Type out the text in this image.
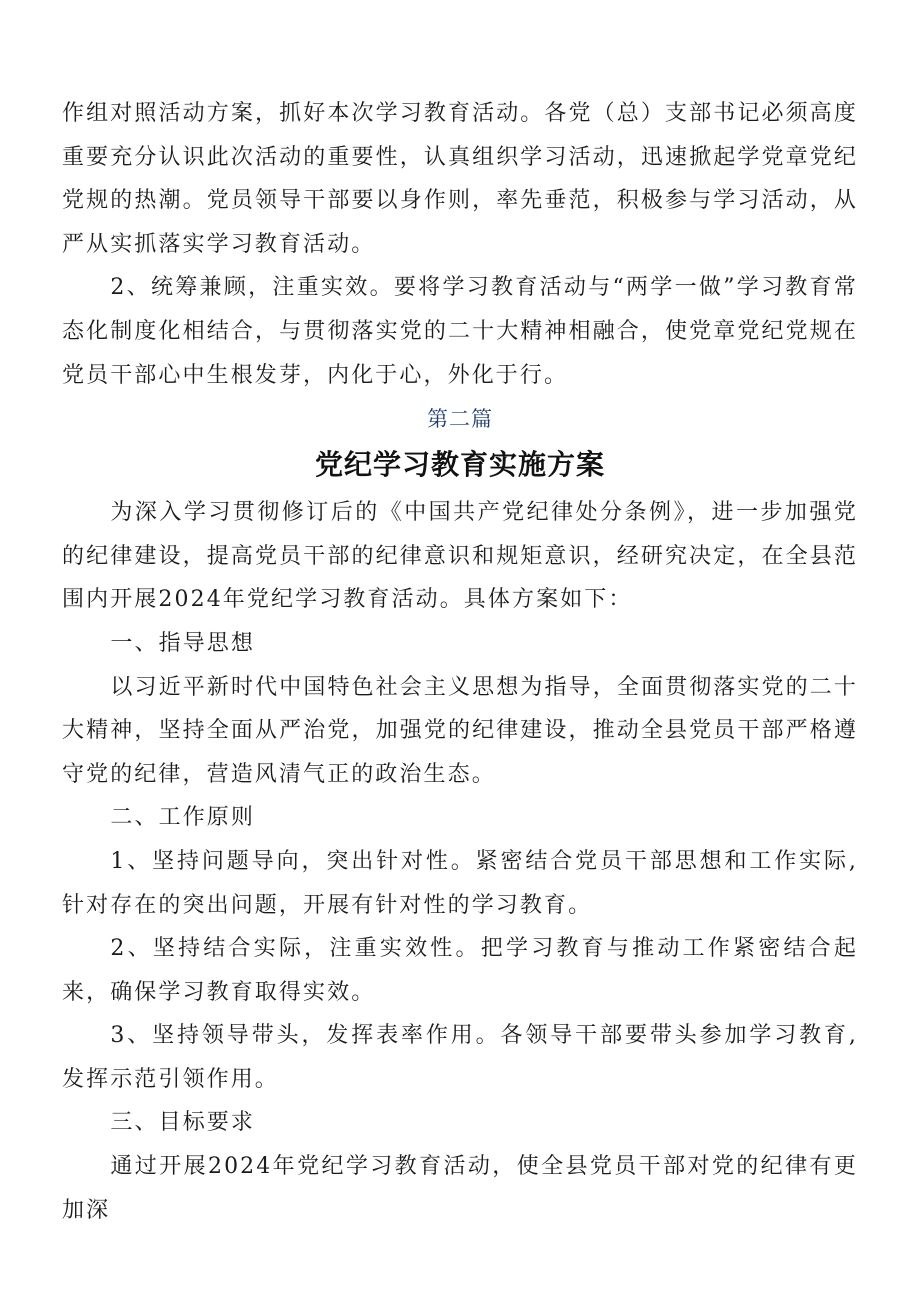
作组对照活动方案，抓好本次学习教育活动。各党（总）支部书记必须高度重要充分认识此次活动的重要性，认真组织学习活动，迅速掀起学党章党纪党规的热潮。党员领导干部要以身作则，率先垂范，积极参与学习活动，从严从实抓落实学习教育活动。

2、统筹兼顾，注重实效。要将学习教育活动与“两学一做”学习教育常态化制度化相结合，与贯彻落实党的二十大精神相融合，使党章党纪党规在党员干部心中生根发芽，内化于心，外化于行。

第二篇

党纪学习教育实施方案

为深入学习贯彻修订后的《中国共产党纪律处分条例》，进一步加强党的纪律建设，提高党员干部的纪律意识和规矩意识，经研究决定，在全县范围内开展2024年党纪学习教育活动。具体方案如下：

一、指导思想

以习近平新时代中国特色社会主义思想为指导，全面贯彻落实党的二十大精神，坚持全面从严治党，加强党的纪律建设，推动全县党员干部严格遵守党的纪律，营造风清气正的政治生态。

二、工作原则

1、坚持问题导向，突出针对性。紧密结合党员干部思想和工作实际,针对存在的突出问题，开展有针对性的学习教育。

2、坚持结合实际，注重实效性。把学习教育与推动工作紧密结合起来，确保学习教育取得实效。

3、坚持领导带头，发挥表率作用。各领导干部要带头参加学习教育,发挥示范引领作用。

三、目标要求

通过开展2024年党纪学习教育活动，使全县党员干部对党的纪律有更加深
